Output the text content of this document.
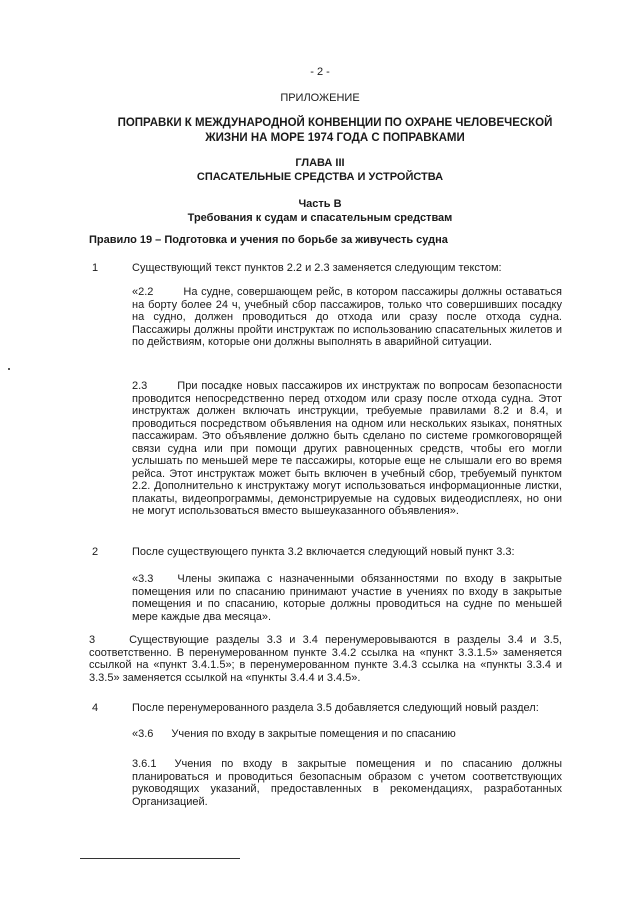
- 2 -
ПРИЛОЖЕНИЕ
ПОПРАВКИ К МЕЖДУНАРОДНОЙ КОНВЕНЦИИ ПО ОХРАНЕ ЧЕЛОВЕЧЕСКОЙ ЖИЗНИ НА МОРЕ 1974 ГОДА С ПОПРАВКАМИ
ГЛАВА III
СПАСАТЕЛЬНЫЕ СРЕДСТВА И УСТРОЙСТВА
Часть В
Требования к судам и спасательным средствам
Правило 19 – Подготовка и учения по борьбе за живучесть судна
1	Существующий текст пунктов 2.2 и 2.3 заменяется следующим текстом:
«2.2	На судне, совершающем рейс, в котором пассажиры должны оставаться на борту более 24 ч, учебный сбор пассажиров, только что совершивших посадку на судно, должен проводиться до отхода или сразу после отхода судна. Пассажиры должны пройти инструктаж по использованию спасательных жилетов и по действиям, которые они должны выполнять в аварийной ситуации.
2.3	При посадке новых пассажиров их инструктаж по вопросам безопасности проводится непосредственно перед отходом или сразу после отхода судна. Этот инструктаж должен включать инструкции, требуемые правилами 8.2 и 8.4, и проводиться посредством объявления на одном или нескольких языках, понятных пассажирам. Это объявление должно быть сделано по системе громкоговорящей связи судна или при помощи других равноценных средств, чтобы его могли услышать по меньшей мере те пассажиры, которые еще не слышали его во время рейса. Этот инструктаж может быть включен в учебный сбор, требуемый пунктом 2.2. Дополнительно к инструктажу могут использоваться информационные листки, плакаты, видеопрограммы, демонстрируемые на судовых видеодисплеях, но они не могут использоваться вместо вышеуказанного объявления».
2	После существующего пункта 3.2 включается следующий новый пункт 3.3:
«3.3 Члены экипажа с назначенными обязанностями по входу в закрытые помещения или по спасанию принимают участие в учениях по входу в закрытые помещения и по спасанию, которые должны проводиться на судне по меньшей мере каждые два месяца».
3	Существующие разделы 3.3 и 3.4 перенумеровываются в разделы 3.4 и 3.5, соответственно. В перенумерованном пункте 3.4.2 ссылка на «пункт 3.3.1.5» заменяется ссылкой на «пункт 3.4.1.5»; в перенумерованном пункте 3.4.3 ссылка на «пункты 3.3.4 и 3.3.5» заменяется ссылкой на «пункты 3.4.4 и 3.4.5».
4	После перенумерованного раздела 3.5 добавляется следующий новый раздел:
«3.6 Учения по входу в закрытые помещения и по спасанию
3.6.1 Учения по входу в закрытые помещения и по спасанию должны планироваться и проводиться безопасным образом с учетом соответствующих руководящих указаний, предоставленных в рекомендациях, разработанных Организацией.
